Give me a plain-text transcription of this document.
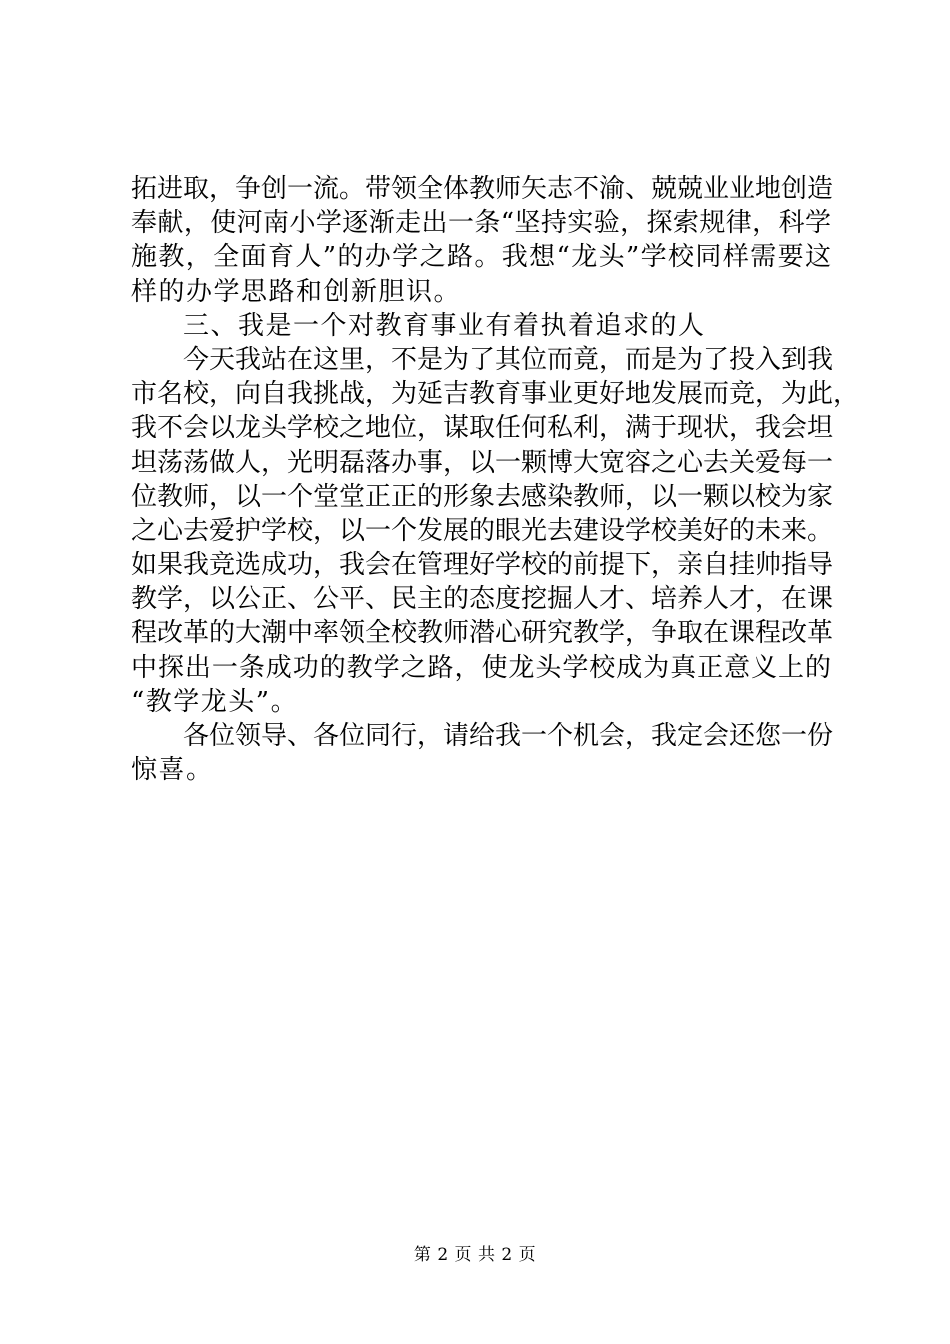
拓进取，争创一流。带领全体教师矢志不渝、兢兢业业地创造
奉献，使河南小学逐渐走出一条“坚持实验，探索规律，科学
施教，全面育人”的办学之路。我想“龙头”学校同样需要这
样的办学思路和创新胆识。
三、我是一个对教育事业有着执着追求的人
今天我站在这里，不是为了其位而竟，而是为了投入到我
市名校，向自我挑战，为延吉教育事业更好地发展而竞，为此，
我不会以龙头学校之地位，谋取任何私利，满于现状，我会坦
坦荡荡做人，光明磊落办事，以一颗博大宽容之心去关爱每一
位教师，以一个堂堂正正的形象去感染教师，以一颗以校为家
之心去爱护学校，以一个发展的眼光去建设学校美好的未来。
如果我竞选成功，我会在管理好学校的前提下，亲自挂帅指导
教学，以公正、公平、民主的态度挖掘人才、培养人才，在课
程改革的大潮中率领全校教师潜心研究教学，争取在课程改革
中探出一条成功的教学之路，使龙头学校成为真正意义上的
“教学龙头”。
各位领导、各位同行，请给我一个机会，我定会还您一份
惊喜。
第 2 页 共 2 页
